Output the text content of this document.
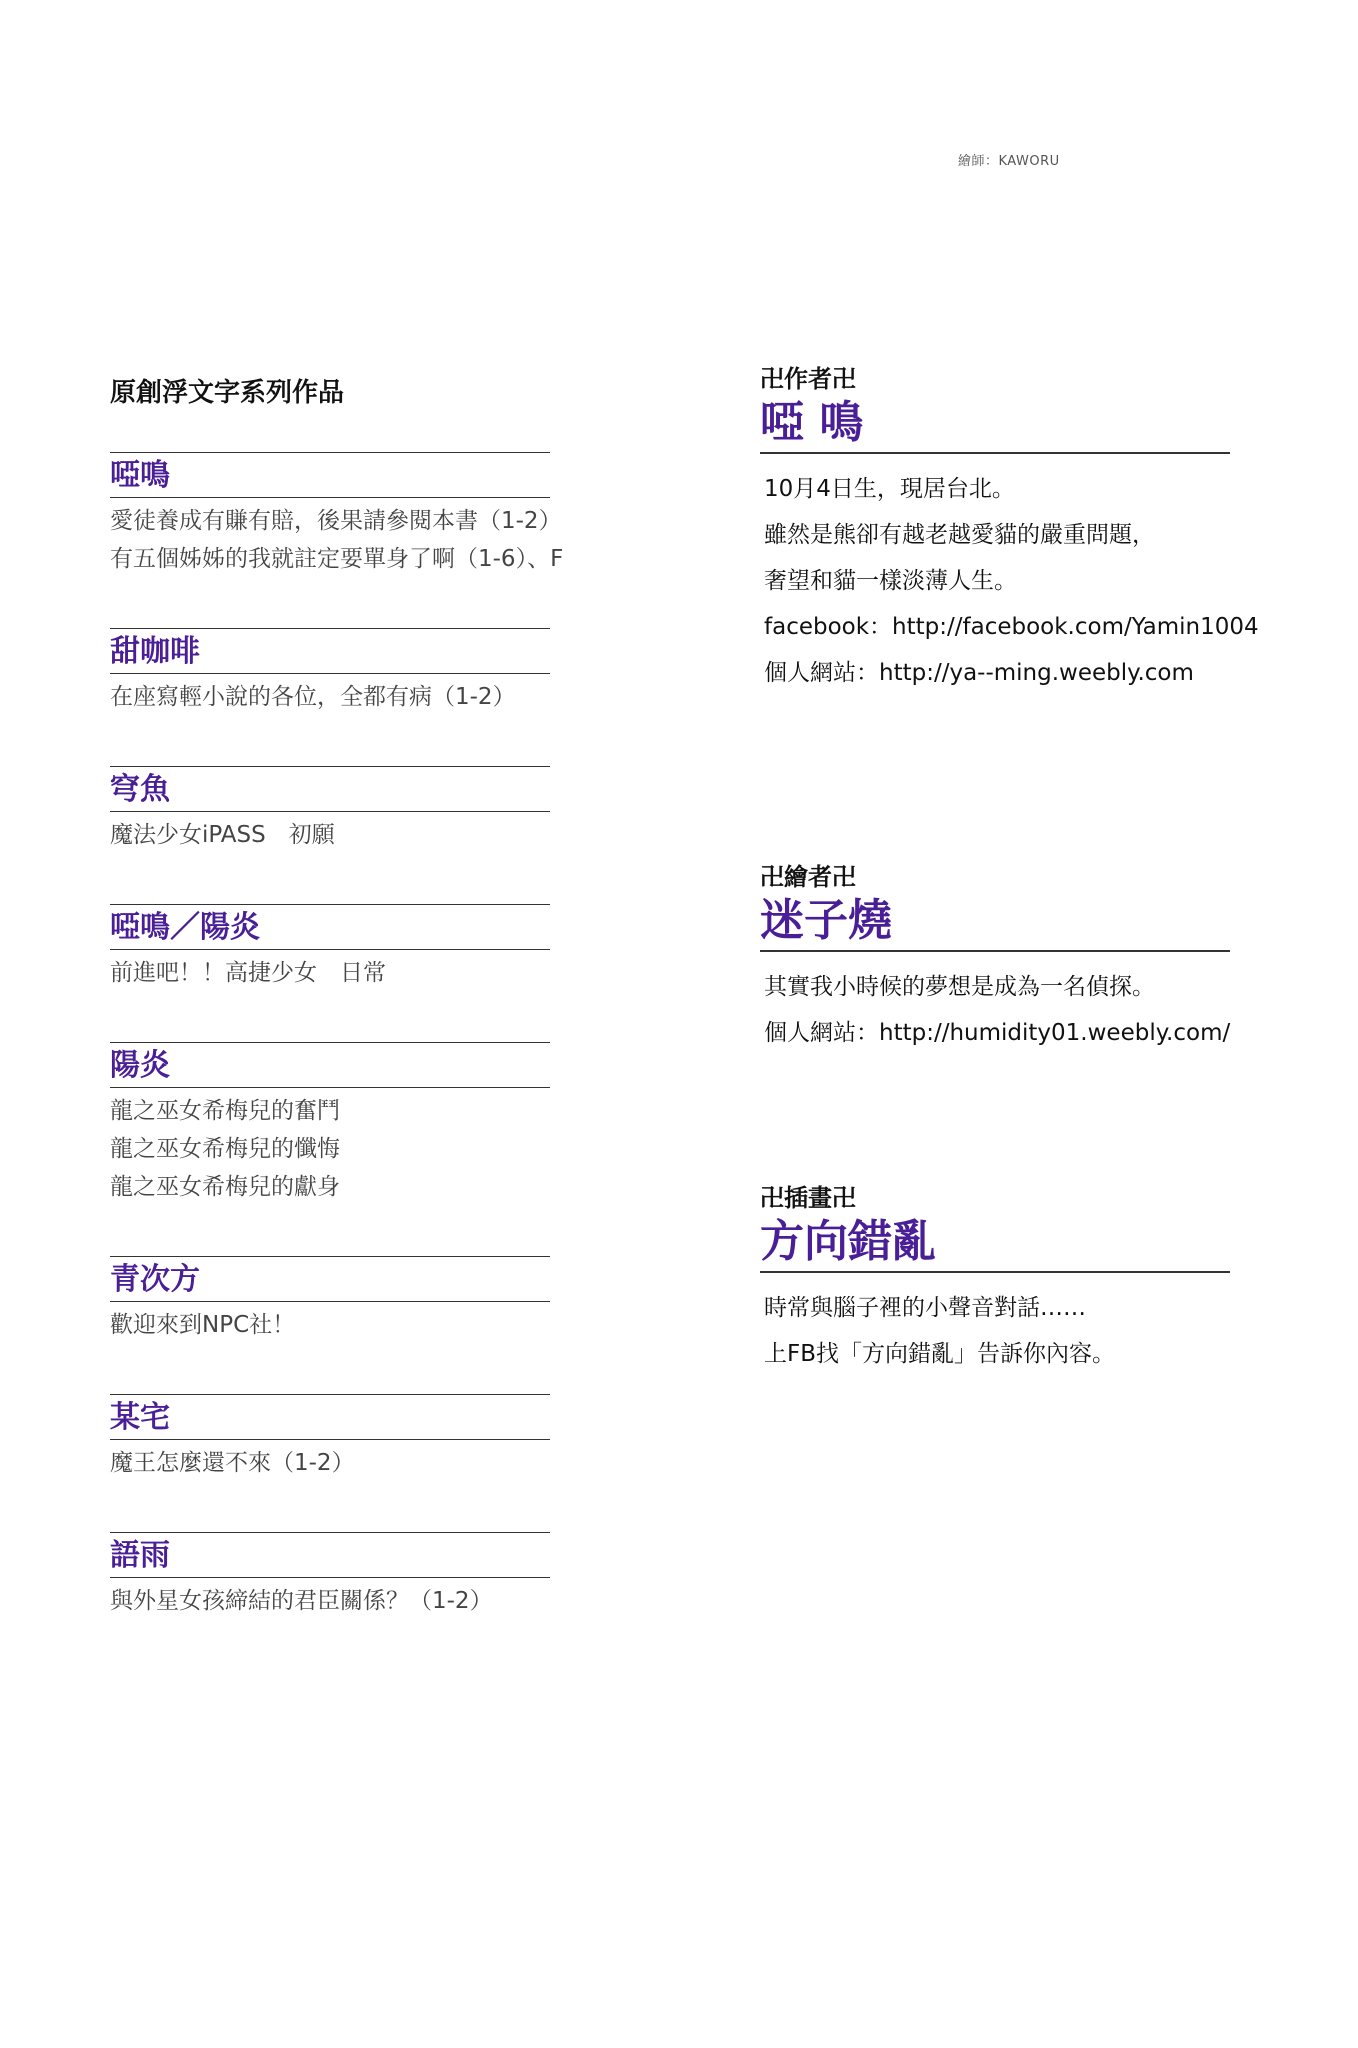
繪師：KAWORU
原創浮文字系列作品
啞鳴
愛徒養成有賺有賠，後果請參閱本書（1-2）
有五個姊姊的我就註定要單身了啊（1-6）、F
甜咖啡
在座寫輕小說的各位，全都有病（1-2）
穹魚
魔法少女iPASS　初願
啞鳴／陽炎
前進吧！！高捷少女　日常
陽炎
龍之巫女希梅兒的奮鬥
龍之巫女希梅兒的懺悔
龍之巫女希梅兒的獻身
青次方
歡迎來到NPC社！
某宅
魔王怎麼還不來（1-2）
語雨
與外星女孩締結的君臣關係？（1-2）
卍作者卍
啞 鳴
10月4日生，現居台北。
雖然是熊卻有越老越愛貓的嚴重問題，
奢望和貓一樣淡薄人生。
facebook：http://facebook.com/Yamin1004
個人網站：http://ya--ming.weebly.com
卍繪者卍
迷子燒
其實我小時候的夢想是成為一名偵探。
個人網站：http://humidity01.weebly.com/
卍插畫卍
方向錯亂
時常與腦子裡的小聲音對話……
上FB找「方向錯亂」告訴你內容。
